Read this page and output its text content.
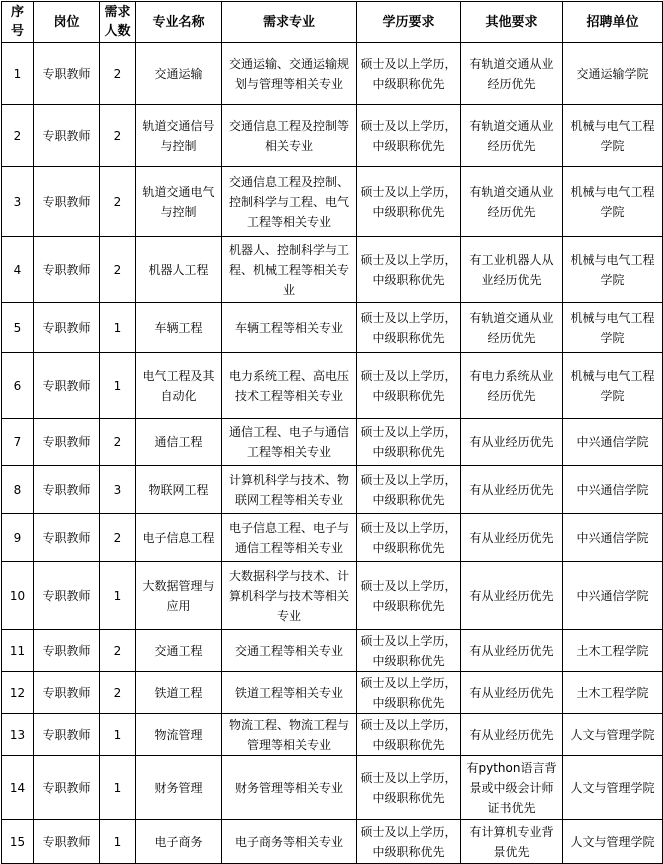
序号	岗位	需求人数	专业名称	需求专业	学历要求	其他要求	招聘单位
1	专职教师	2	交通运输	交通运输、交通运输规划与管理等相关专业	硕士及以上学历，中级职称优先	有轨道交通从业经历优先	交通运输学院
2	专职教师	2	轨道交通信号与控制	交通信息工程及控制等相关专业	硕士及以上学历，中级职称优先	有轨道交通从业经历优先	机械与电气工程学院
3	专职教师	2	轨道交通电气与控制	交通信息工程及控制、控制科学与工程、电气工程等相关专业	硕士及以上学历，中级职称优先	有轨道交通从业经历优先	机械与电气工程学院
4	专职教师	2	机器人工程	机器人、控制科学与工程、机械工程等相关专业	硕士及以上学历，中级职称优先	有工业机器人从业经历优先	机械与电气工程学院
5	专职教师	1	车辆工程	车辆工程等相关专业	硕士及以上学历，中级职称优先	有轨道交通从业经历优先	机械与电气工程学院
6	专职教师	1	电气工程及其自动化	电力系统工程、高电压技术工程等相关专业	硕士及以上学历，中级职称优先	有电力系统从业经历优先	机械与电气工程学院
7	专职教师	2	通信工程	通信工程、电子与通信工程等相关专业	硕士及以上学历，中级职称优先	有从业经历优先	中兴通信学院
8	专职教师	3	物联网工程	计算机科学与技术、物联网工程等相关专业	硕士及以上学历，中级职称优先	有从业经历优先	中兴通信学院
9	专职教师	2	电子信息工程	电子信息工程、电子与通信工程等相关专业	硕士及以上学历，中级职称优先	有从业经历优先	中兴通信学院
10	专职教师	1	大数据管理与应用	大数据科学与技术、计算机科学与技术等相关专业	硕士及以上学历，中级职称优先	有从业经历优先	中兴通信学院
11	专职教师	2	交通工程	交通工程等相关专业	硕士及以上学历，中级职称优先	有从业经历优先	土木工程学院
12	专职教师	2	铁道工程	铁道工程等相关专业	硕士及以上学历，中级职称优先	有从业经历优先	土木工程学院
13	专职教师	1	物流管理	物流工程、物流工程与管理等相关专业	硕士及以上学历，中级职称优先	有从业经历优先	人文与管理学院
14	专职教师	1	财务管理	财务管理等相关专业	硕士及以上学历，中级职称优先	有python语言背景或中级会计师证书优先	人文与管理学院
15	专职教师	1	电子商务	电子商务等相关专业	硕士及以上学历，中级职称优先	有计算机专业背景优先	人文与管理学院
